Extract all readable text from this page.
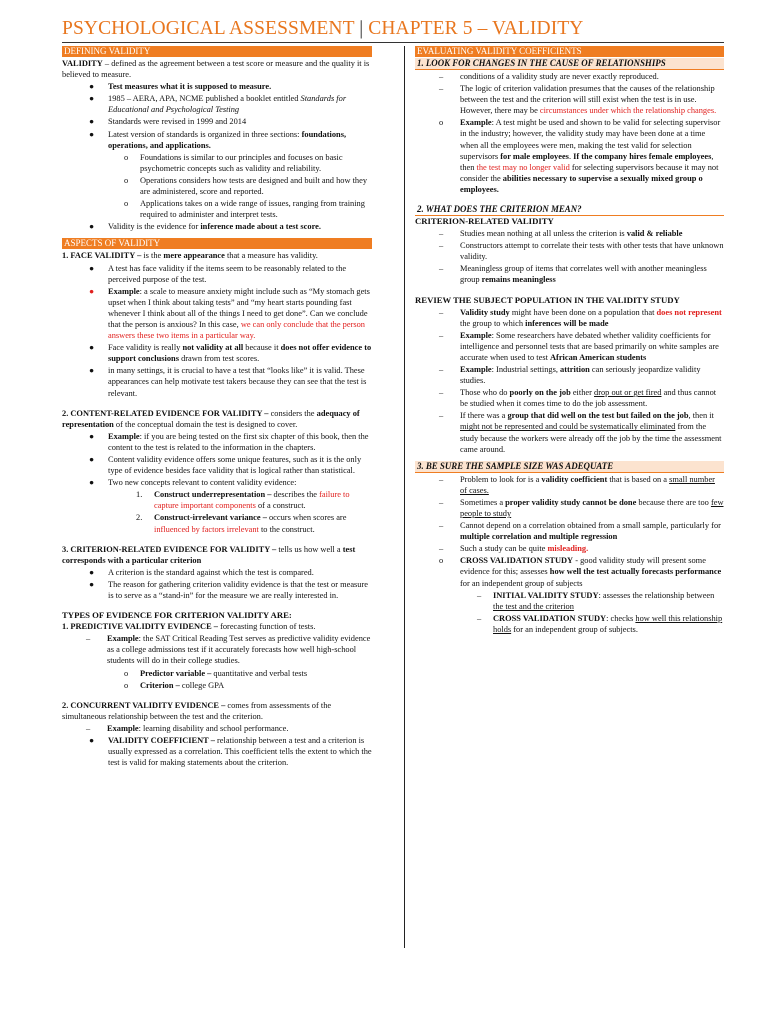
PSYCHOLOGICAL ASSESSMENT | CHAPTER 5 – VALIDITY
DEFINING VALIDITY

VALIDITY – defined as the agreement between a test score or measure and the quality it is believed to measure.

● Test measures what it is supposed to measure.
● 1985 – AERA, APA, NCME published a booklet entitled Standards for Educational and Psychological Testing
● Standards were revised in 1999 and 2014
● Latest version of standards is organized in three sections: foundations, operations, and applications.
o Foundations is similar to our principles and focuses on basic psychometric concepts such as validity and reliability.
o Operations considers how tests are designed and built and how they are administered, score and reported.
o Applications takes on a wide range of issues, ranging from training required to administer and interpret tests.
● Validity is the evidence for inference made about a test score.
ASPECTS OF VALIDITY

1. FACE VALIDITY – is the mere appearance that a measure has validity.

● A test has face validity if the items seem to be reasonably related to the perceived purpose of the test.
● Example: a scale to measure anxiety might include such as “My stomach gets upset when I think about taking tests” and “my heart starts pounding fast whenever I think about all of the things I need to get done”. Can we conclude that the person is anxious? In this case, we can only conclude that the person answers these two items in a particular way.
● Face validity is really not validity at all because it does not offer evidence to support conclusions drawn from test scores.
● in many settings, it is crucial to have a test that “looks like” it is valid. These appearances can help motivate test takers because they can see that the test is relevant.

2. CONTENT-RELATED EVIDENCE FOR VALIDITY – considers the adequacy of representation of the conceptual domain the test is designed to cover.

● Example: if you are being tested on the first six chapter of this book, then the content to the test is related to the information in the chapters.
● Content validity evidence offers some unique features, such as it is the only type of evidence besides face validity that is logical rather than statistical.
● Two new concepts relevant to content validity evidence:
1. Construct underrepresentation – describes the failure to capture important components of a construct.
2. Construct-irrelevant variance – occurs when scores are influenced by factors irrelevant to the construct.

3. CRITERION-RELATED EVIDENCE FOR VALIDITY – tells us how well a test corresponds with a particular criterion

● A criterion is the standard against which the test is compared.
● The reason for gathering criterion validity evidence is that the test or measure is to serve as a “stand-in” for the measure we are really interested in.

TYPES OF EVIDENCE FOR CRITERION VALIDITY ARE:

1. PREDICTIVE VALIDITY EVIDENCE – forecasting function of tests.

– Example: the SAT Critical Reading Test serves as predictive validity evidence as a college admissions test if it accurately forecasts how well high-school students will do in their college studies.
o Predictor variable – quantitative and verbal tests
o Criterion – college GPA

2. CONCURRENT VALIDITY EVIDENCE – comes from assessments of the simultaneous relationship between the test and the criterion.

– Example: learning disability and school performance.
● VALIDITY COEFFICIENT – relationship between a test and a criterion is usually expressed as a correlation. This coefficient tells the extent to which the test is valid for making statements about the criterion.
EVALUATING VALIDITY COEFFICIENTS
1. LOOK FOR CHANGES IN THE CAUSE OF RELATIONSHIPS
– conditions of a validity study are never exactly reproduced.
– The logic of criterion validation presumes that the causes of the relationship between the test and the criterion will still exist when the test is in use. However, there may be circumstances under which the relationship changes.
o Example: A test might be used and shown to be valid for selecting supervisor in the industry; however, the validity study may have been done at a time when all the employees were men, making the test valid for selection supervisors for male employees. If the company hires female employees, then the test may no longer valid for selecting supervisors because it may not consider the abilities necessary to supervise a sexually mixed group o employees.
2. WHAT DOES THE CRITERION MEAN?

CRITERION-RELATED VALIDITY

– Studies mean nothing at all unless the criterion is valid & reliable
– Constructors attempt to correlate their tests with other tests that have unknown validity.
– Meaningless group of items that correlates well with another meaningless group remains meaningless

REVIEW THE SUBJECT POPULATION IN THE VALIDITY STUDY

– Validity study might have been done on a population that does not represent the group to which inferences will be made
– Example: Some researchers have debated whether validity coefficients for intelligence and personnel tests that are based primarily on white samples are accurate when used to test African American students
– Example: Industrial settings, attrition can seriously jeopardize validity studies.
– Those who do poorly on the job either drop out or get fired and thus cannot be studied when it comes time to do the job assessment.
– If there was a group that did well on the test but failed on the job, then it might not be represented and could be systematically eliminated from the study because the workers were already off the job by the time the assessment came around.
3. BE SURE THE SAMPLE SIZE WAS ADEQUATE
– Problem to look for is a validity coefficient that is based on a small number of cases.
– Sometimes a proper validity study cannot be done because there are too few people to study
– Cannot depend on a correlation obtained from a small sample, particularly for multiple correlation and multiple regression
– Such a study can be quite misleading.
o CROSS VALIDATION STUDY - good validity study will present some evidence for this; assesses how well the test actually forecasts performance for an independent group of subjects
– INITIAL VALIDITY STUDY: assesses the relationship between the test and the criterion
– CROSS VALIDATION STUDY: checks how well this relationship holds for an independent group of subjects.
